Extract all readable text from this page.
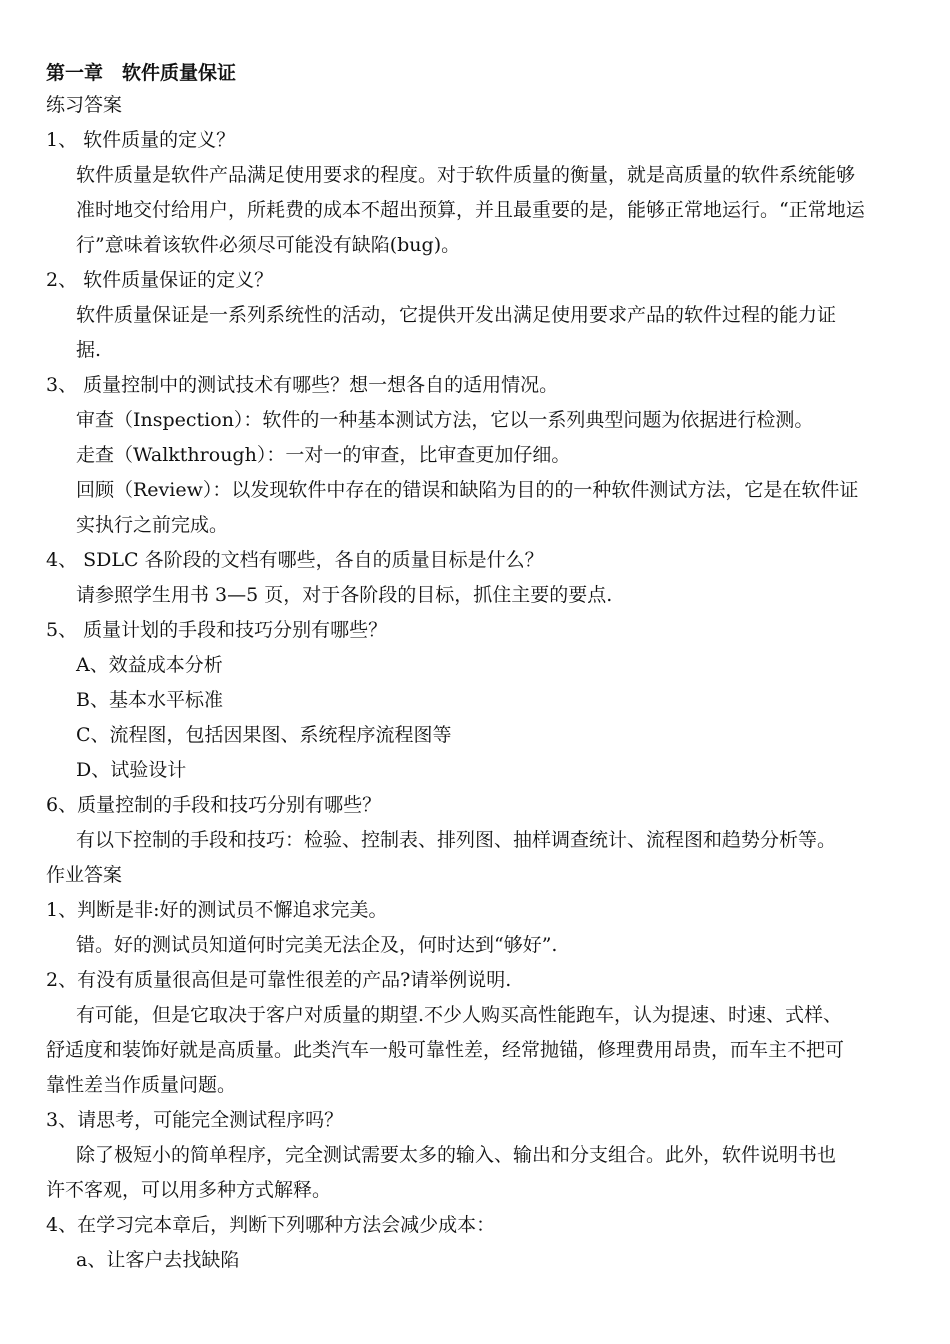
第一章　软件质量保证
练习答案
1、 软件质量的定义？
软件质量是软件产品满足使用要求的程度。对于软件质量的衡量，就是高质量的软件系统能够
准时地交付给用户，所耗费的成本不超出预算，并且最重要的是，能够正常地运行。“正常地运
行”意味着该软件必须尽可能没有缺陷(bug)。
2、 软件质量保证的定义？
软件质量保证是一系列系统性的活动，它提供开发出满足使用要求产品的软件过程的能力证
据.
3、 质量控制中的测试技术有哪些？想一想各自的适用情况。
审查（Inspection）：软件的一种基本测试方法，它以一系列典型问题为依据进行检测。
走查（Walkthrough）：一对一的审查，比审查更加仔细。
回顾（Review）：以发现软件中存在的错误和缺陷为目的的一种软件测试方法，它是在软件证
实执行之前完成。
4、 SDLC 各阶段的文档有哪些，各自的质量目标是什么？
请参照学生用书 3—5 页，对于各阶段的目标，抓住主要的要点.
5、 质量计划的手段和技巧分别有哪些？
A、效益成本分析
B、基本水平标准
C、流程图，包括因果图、系统程序流程图等
D、试验设计
6、质量控制的手段和技巧分别有哪些？
有以下控制的手段和技巧：检验、控制表、排列图、抽样调查统计、流程图和趋势分析等。
作业答案
1、判断是非:好的测试员不懈追求完美。
错。好的测试员知道何时完美无法企及，何时达到“够好”.
2、有没有质量很高但是可靠性很差的产品?请举例说明.
有可能，但是它取决于客户对质量的期望.不少人购买高性能跑车，认为提速、时速、式样、
舒适度和装饰好就是高质量。此类汽车一般可靠性差，经常抛锚，修理费用昂贵，而车主不把可
靠性差当作质量问题。
3、请思考，可能完全测试程序吗？
除了极短小的简单程序，完全测试需要太多的输入、输出和分支组合。此外，软件说明书也
许不客观，可以用多种方式解释。
4、在学习完本章后，判断下列哪种方法会减少成本：
a、让客户去找缺陷
